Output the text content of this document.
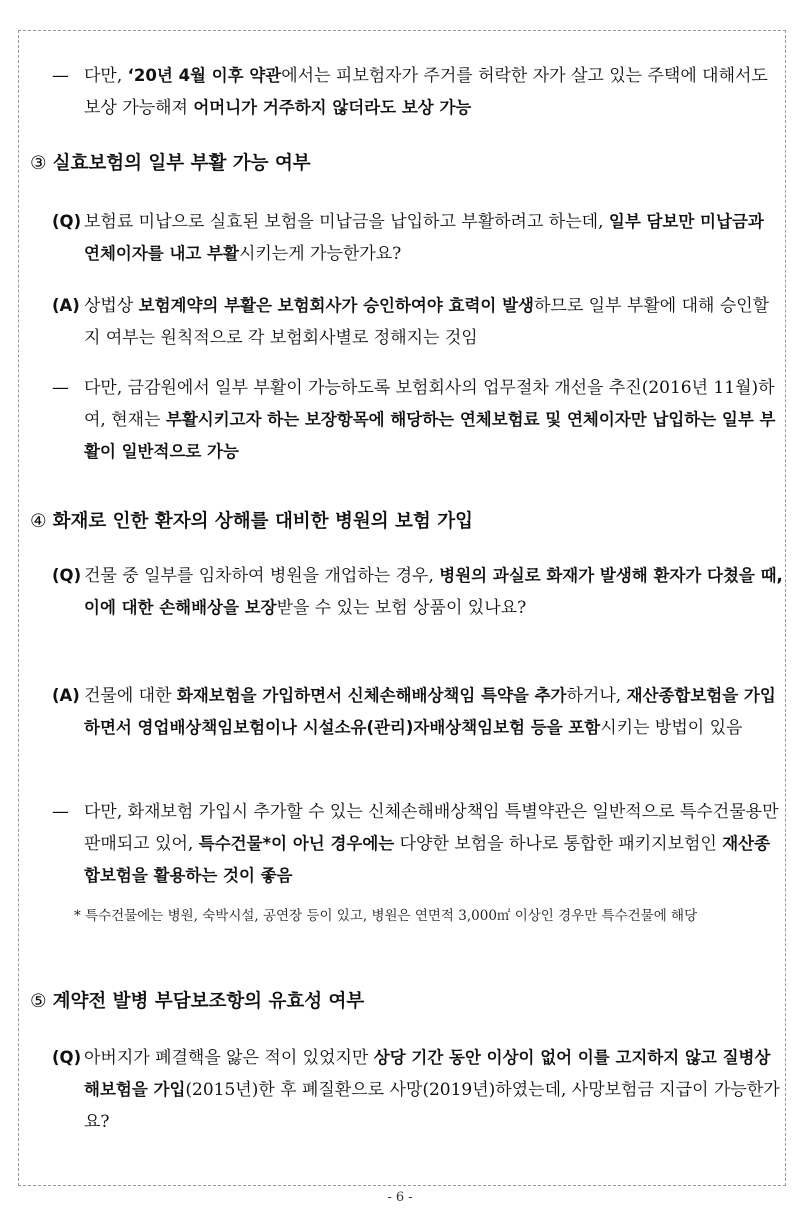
— 다만, ‘20년 4월 이후 약관에서는 피보험자가 주거를 허락한 자가 살고 있는 주택에 대해서도 보상 가능해져 어머니가 거주하지 않더라도 보상 가능

③ 실효보험의 일부 부활 가능 여부

(Q) 보험료 미납으로 실효된 보험을 미납금을 납입하고 부활하려고 하는데, 일부 담보만 미납금과 연체이자를 내고 부활시키는게 가능한가요?

(A) 상법상 보험계약의 부활은 보험회사가 승인하여야 효력이 발생하므로 일부 부활에 대해 승인할지 여부는 원칙적으로 각 보험회사별로 정해지는 것임

— 다만, 금감원에서 일부 부활이 가능하도록 보험회사의 업무절차 개선을 추진(2016년 11월)하여, 현재는 부활시키고자 하는 보장항목에 해당하는 연체보험료 및 연체이자만 납입하는 일부 부활이 일반적으로 가능

④ 화재로 인한 환자의 상해를 대비한 병원의 보험 가입

(Q) 건물 중 일부를 임차하여 병원을 개업하는 경우, 병원의 과실로 화재가 발생해 환자가 다쳤을 때, 이에 대한 손해배상을 보장받을 수 있는 보험 상품이 있나요?

(A) 건물에 대한 화재보험을 가입하면서 신체손해배상책임 특약을 추가하거나, 재산종합보험을 가입하면서 영업배상책임보험이나 시설소유(관리)자배상책임보험 등을 포함시키는 방법이 있음

— 다만, 화재보험 가입시 추가할 수 있는 신체손해배상책임 특별약관은 일반적으로 특수건물용만 판매되고 있어, 특수건물*이 아닌 경우에는 다양한 보험을 하나로 통합한 패키지보험인 재산종합보험을 활용하는 것이 좋음

* 특수건물에는 병원, 숙박시설, 공연장 등이 있고, 병원은 연면적 3,000㎡ 이상인 경우만 특수건물에 해당

⑤ 계약전 발병 부담보조항의 유효성 여부

(Q) 아버지가 폐결핵을 앓은 적이 있었지만 상당 기간 동안 이상이 없어 이를 고지하지 않고 질병상해보험을 가입(2015년)한 후 폐질환으로 사망(2019년)하였는데, 사망보험금 지급이 가능한가요?

- 6 -
